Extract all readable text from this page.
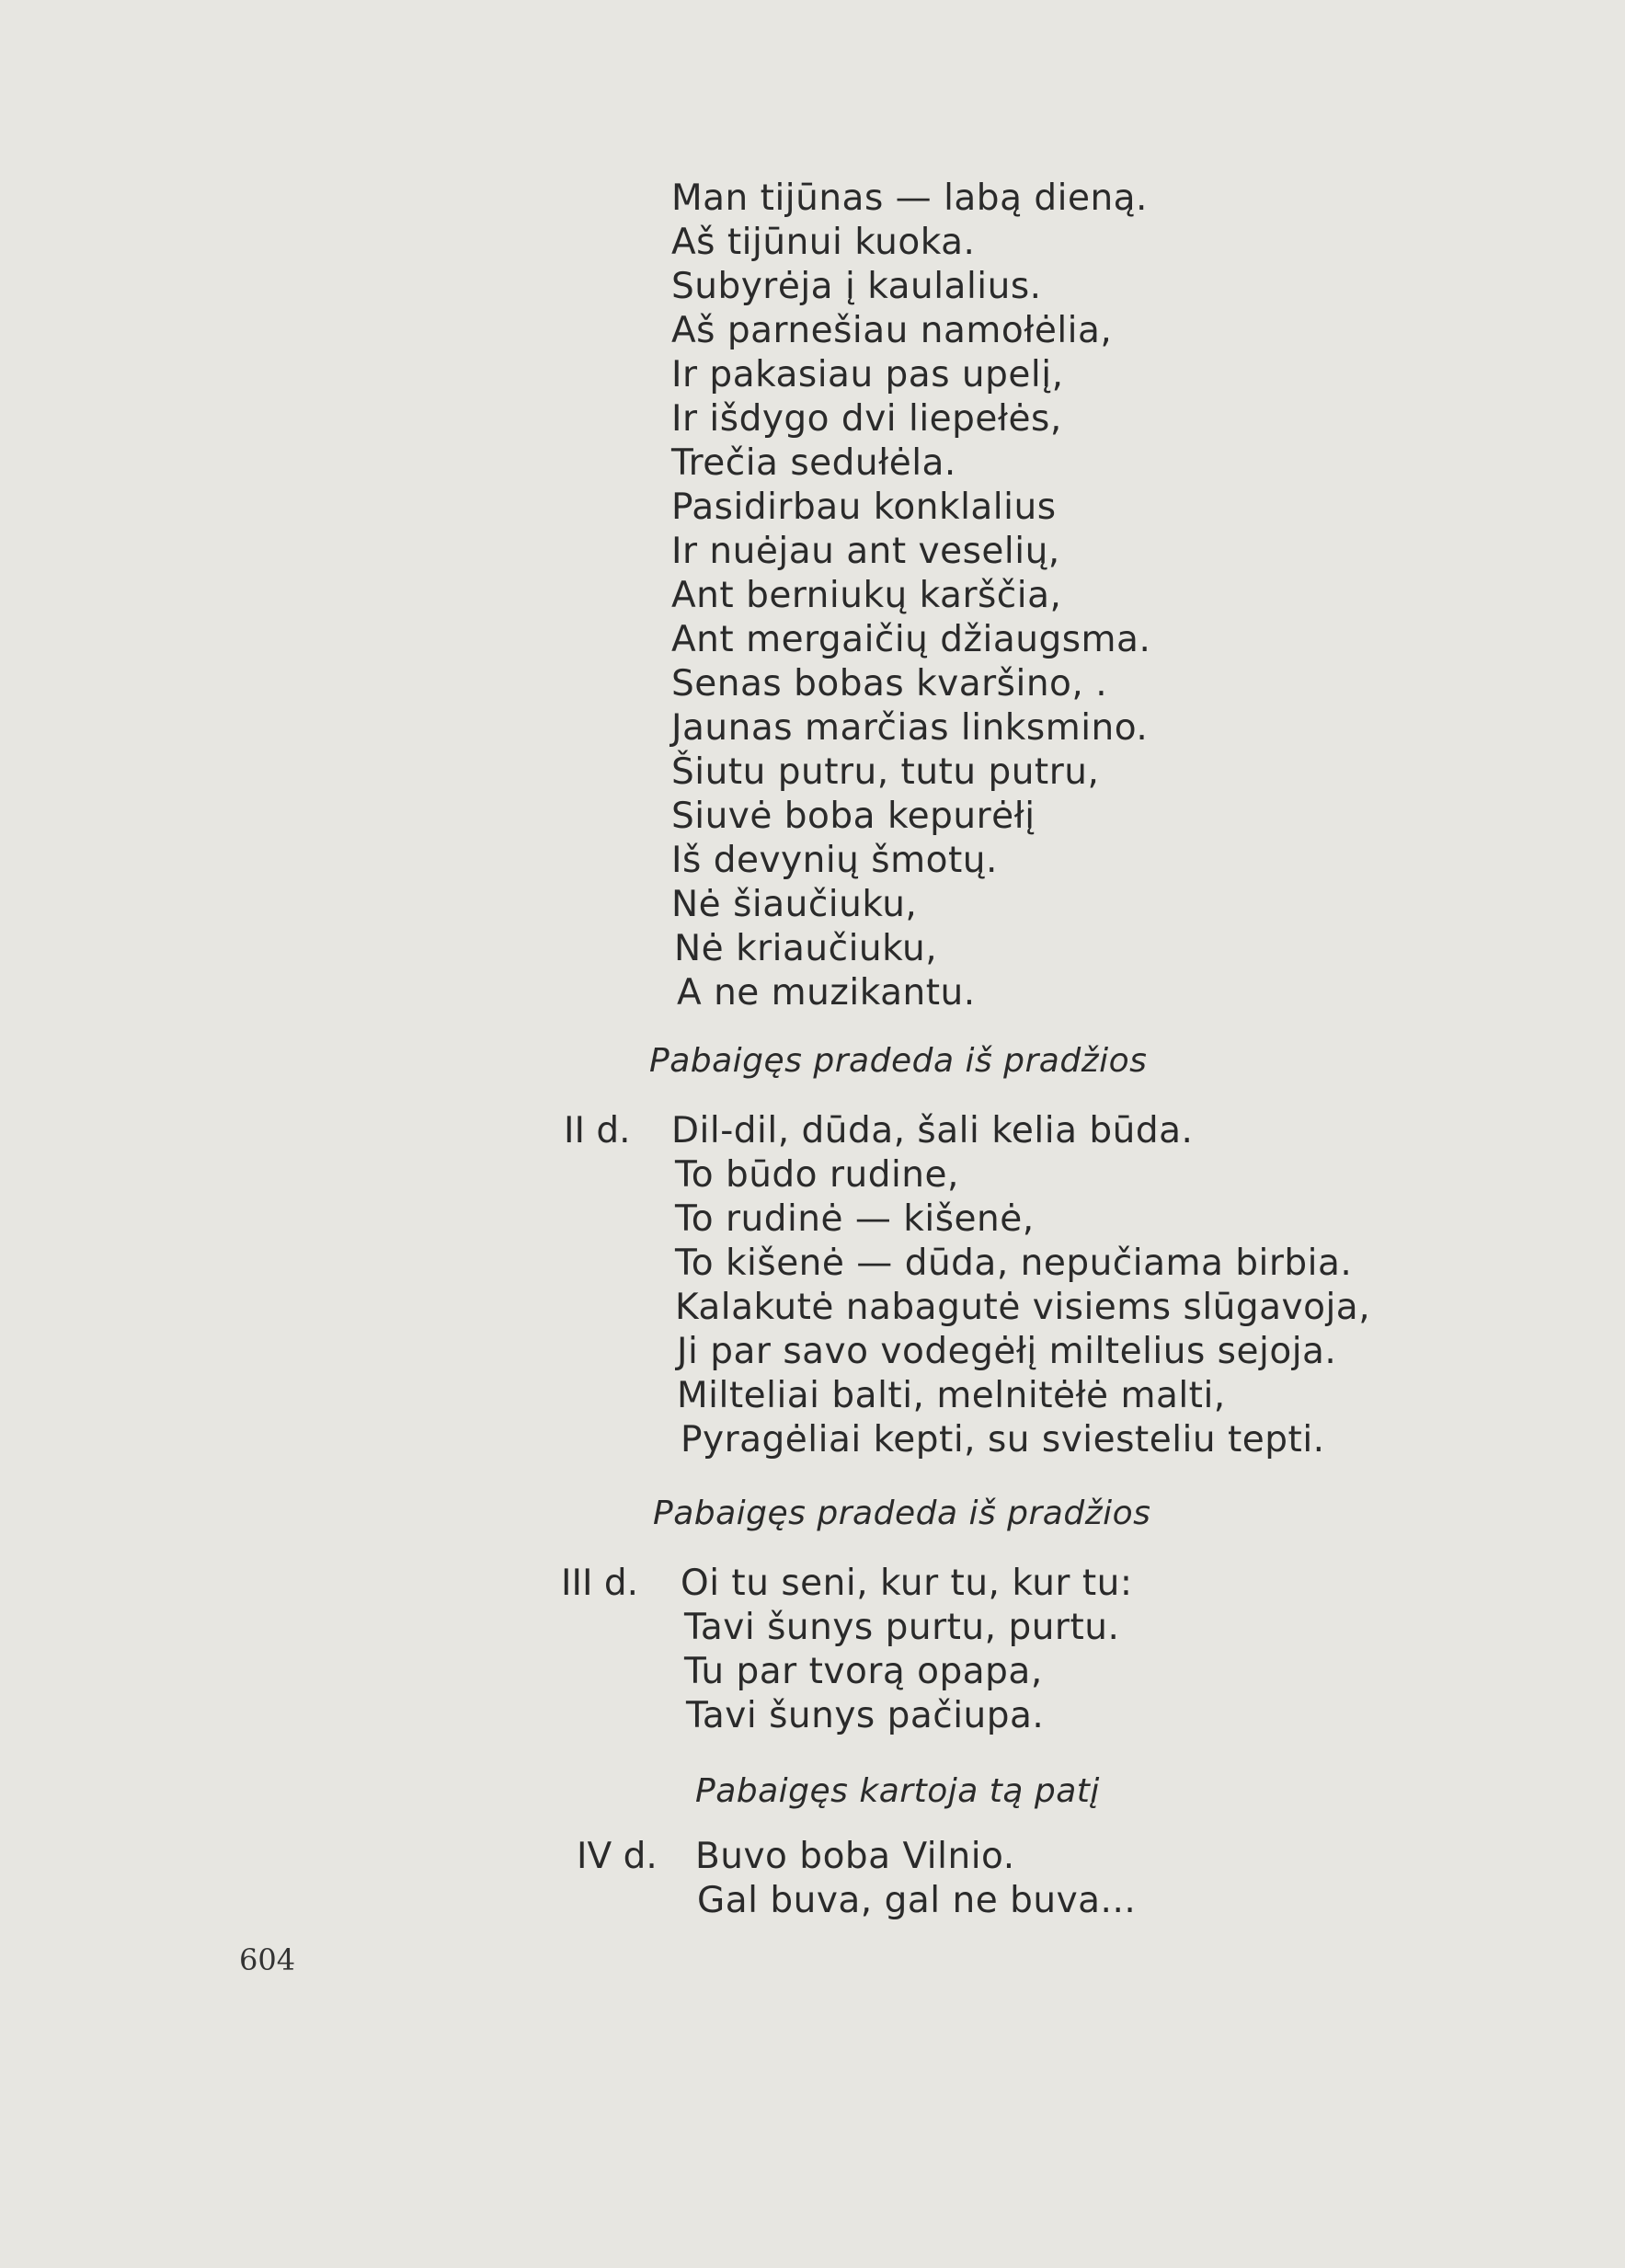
Man tijūnas — labą dieną.
Aš tijūnui kuoka.
Subyrėja į kaulalius.
Aš parnešiau namołėlia,
Ir pakasiau pas upelį,
Ir išdygo dvi liepełės,
Trečia sedułėla.
Pasidirbau konklalius
Ir nuėjau ant veselių,
Ant berniukų karščia,
Ant mergaičių džiaugsma.
Senas bobas kvaršino, .
Jaunas marčias linksmino.
Šiutu putru, tutu putru,
Siuvė boba kepurėłį
Iš devynių šmotų.
Nė šiaučiuku,
Nė kriaučiuku,
A ne muzikantu.
Pabaigęs pradeda iš pradžios
II d. Dil-dil, dūda, šali kelia būda.
To būdo rudine,
To rudinė — kišenė,
To kišenė — dūda, nepučiama birbia.
Kalakutė nabagutė visiems slūgavoja,
Ji par savo vodegėłį miltelius sejoja.
Milteliai balti, melnitėłė malti,
Pyragėliai kepti, su sviesteliu tepti.
Pabaigęs pradeda iš pradžios
III d. Oi tu seni, kur tu, kur tu:
Tavi šunys purtu, purtu.
Tu par tvorą opapa,
Tavi šunys pačiupa.
Pabaigęs kartoja tą patį
IV d. Buvo boba Vilnio.
Gal buva, gal ne buva...
604
